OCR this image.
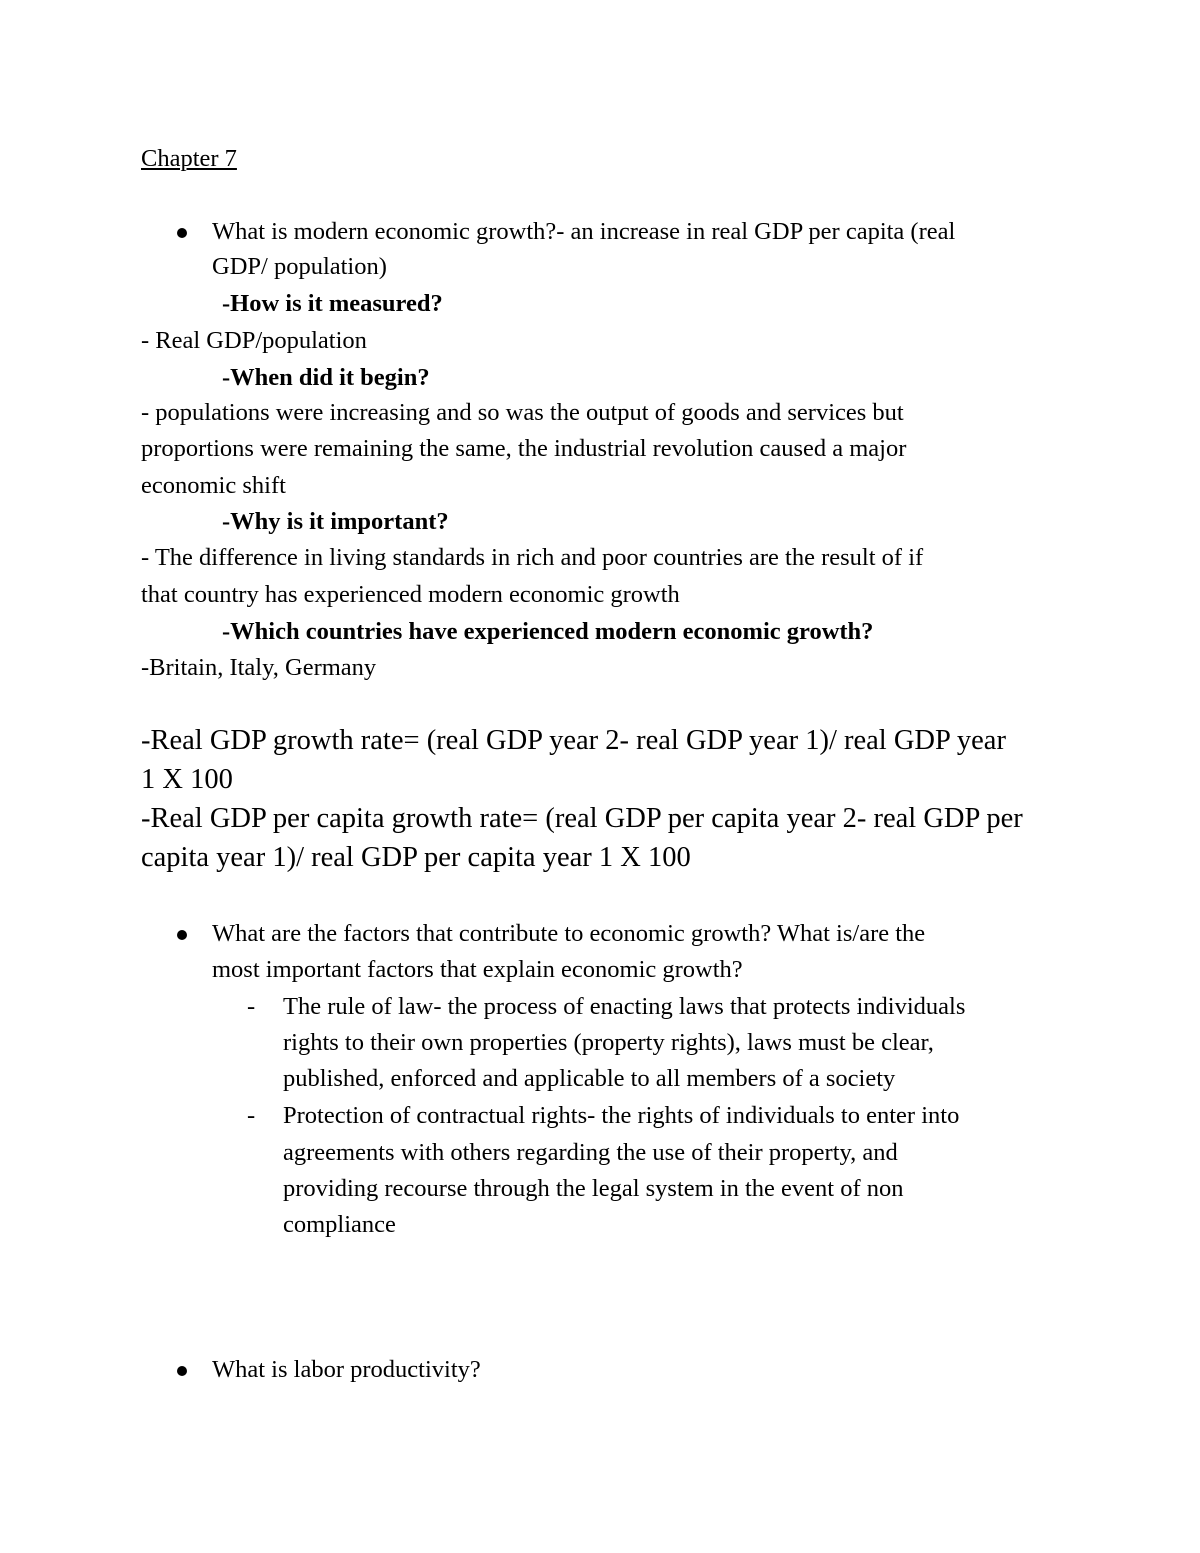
Chapter 7
What is modern economic growth?- an increase in real GDP per capita (real
GDP/ population)
-How is it measured?
- Real GDP/population
-When did it begin?
- populations were increasing and so was the output of goods and services but
proportions were remaining the same, the industrial revolution caused a major
economic shift
-Why is it important?
- The difference in living standards in rich and poor countries are the result of if
that country has experienced modern economic growth
-Which countries have experienced modern economic growth?
-Britain, Italy, Germany
-Real GDP growth rate= (real GDP year 2- real GDP year 1)/ real GDP year
1 X 100
-Real GDP per capita growth rate= (real GDP per capita year 2- real GDP per
capita year 1)/ real GDP per capita year 1 X 100
What are the factors that contribute to economic growth? What is/are the
most important factors that explain economic growth?
- The rule of law- the process of enacting laws that protects individuals
rights to their own properties (property rights), laws must be clear,
published, enforced and applicable to all members of a society
- Protection of contractual rights- the rights of individuals to enter into
agreements with others regarding the use of their property, and
providing recourse through the legal system in the event of non
compliance
What is labor productivity?
